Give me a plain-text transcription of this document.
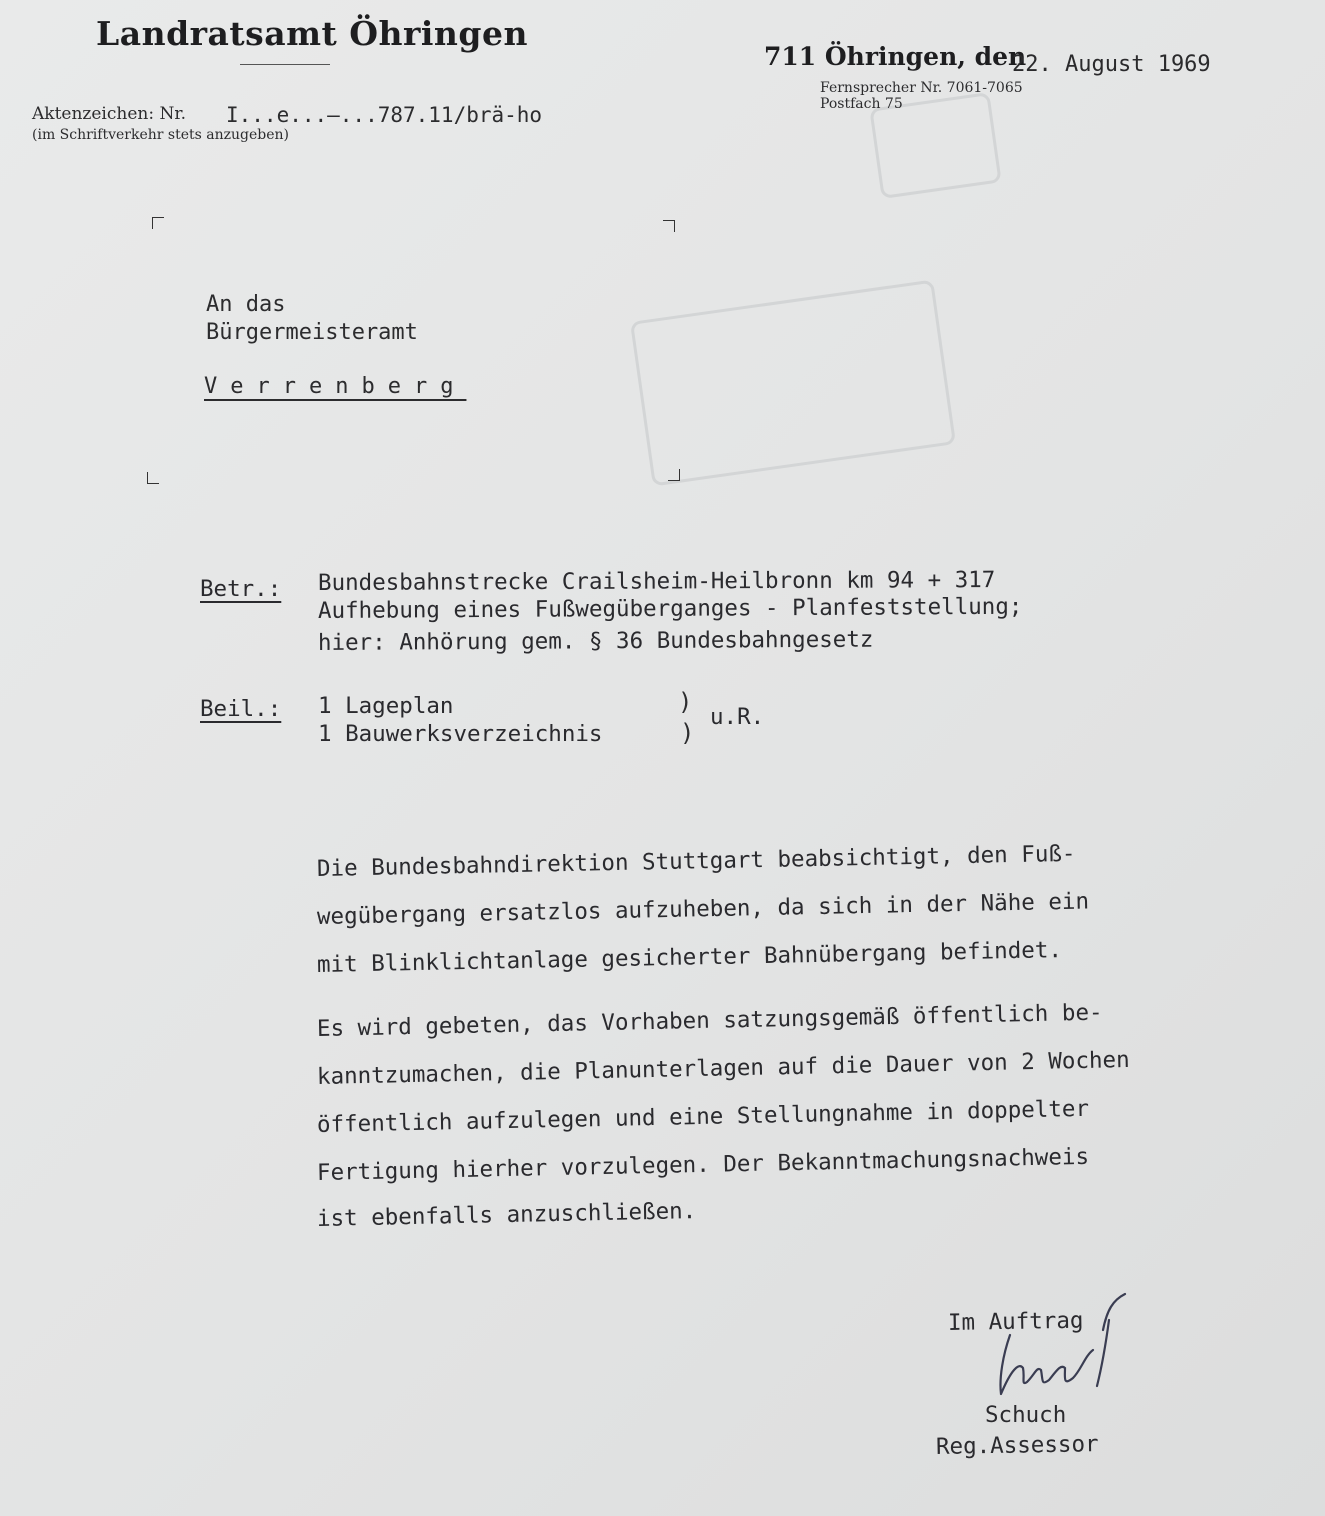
Landratsamt Öhringen
711 Öhringen, den
22. August 1969
Fernsprecher Nr. 7061-7065
Postfach 75
Aktenzeichen: Nr. I...e...–...787.11/brä-ho
(im Schriftverkehr stets anzugeben)
An das
Bürgermeisteramt
Verrenberg
Betr.: Bundesbahnstrecke Crailsheim-Heilbronn km 94 + 317
Aufhebung eines Fußwegüberganges - Planfeststellung;
hier: Anhörung gem. § 36 Bundesbahngesetz
Beil.: 1 Lageplan
1 Bauwerksverzeichnis
)
)
u.R.
Die Bundesbahndirektion Stuttgart beabsichtigt, den Fuß-
wegübergang ersatzlos aufzuheben, da sich in der Nähe ein
mit Blinklichtanlage gesicherter Bahnübergang befindet.
Es wird gebeten, das Vorhaben satzungsgemäß öffentlich be-
kanntzumachen, die Planunterlagen auf die Dauer von 2 Wochen
öffentlich aufzulegen und eine Stellungnahme in doppelter
Fertigung hierher vorzulegen. Der Bekanntmachungsnachweis
ist ebenfalls anzuschließen.
Im Auftrag
Schuch
Reg.Assessor
